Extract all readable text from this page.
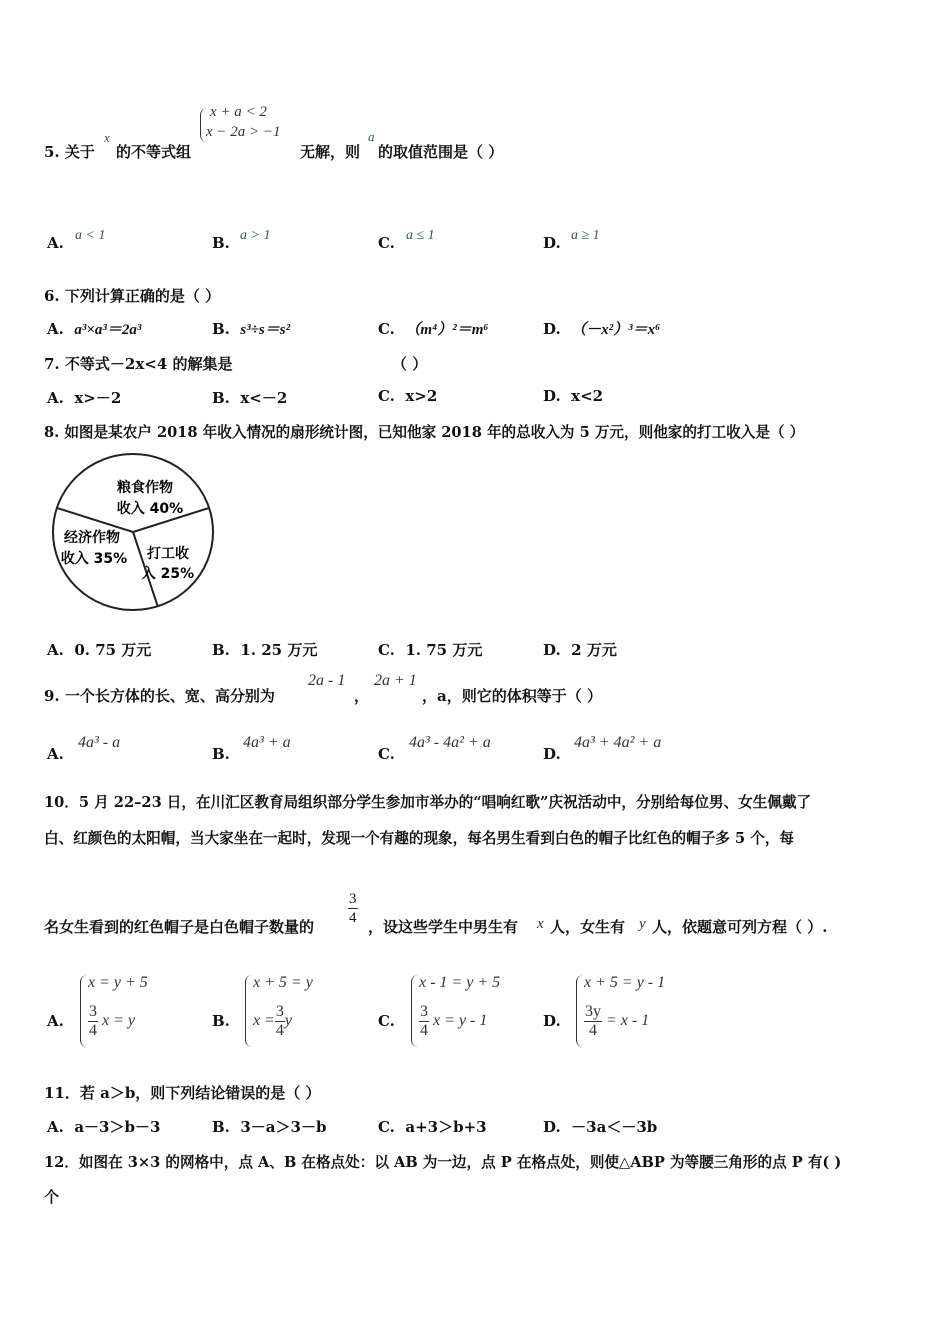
5. 关于
x
的不等式组
x + a < 2
x − 2a > −1
无解，则
a
的取值范围是（ ）
A. a < 1	B. a > 1	C. a ≤ 1	D. a ≥ 1
6. 下列计算正确的是（ ）
A. a³×a³＝2a³	B. s³÷s＝s²	C. （m⁴）²＝m⁶	D. （－x²）³＝x⁶
7. 不等式－2x<4 的解集是	（ ）
A. x>－2	B. x<－2	C. x>2	D. x<2
8. 如图是某农户 2018 年收入情况的扇形统计图，已知他家 2018 年的总收入为 5 万元，则他家的打工收入是（ ）
粮食作物
收入 40%
打工收
入 25%
经济作物
收入 35%
A. 0. 75 万元	B. 1. 25 万元	C. 1. 75 万元	D. 2 万元
9. 一个长方体的长、宽、高分别为
2a - 1
，
2a + 1
，a，则它的体积等于（ ）
A.
4a³ - a
B.
4a³ + a
C.
4a³ - 4a² + a
D.
4a³ + 4a² + a
10．5 月 22–23 日，在川汇区教育局组织部分学生参加市举办的“唱响红歌”庆祝活动中，分别给每位男、女生佩戴了
白、红颜色的太阳帽，当大家坐在一起时，发现一个有趣的现象，每名男生看到白色的帽子比红色的帽子多 5 个，每
名女生看到的红色帽子是白色帽子数量的 $\frac{3}{4}$ ，设这些学生中男生有 x 人，女生有 y 人，依题意可列方程（ ）.
A.
x = y + 5
$\frac{3}{4}$ x = y	B.
x + 5 = y
$x = \frac{3}{4}$ y	C.
x - 1 = y + 5
$\frac{3}{4}$ x = y - 1	D.
x + 5 = y - 1
$\frac{3y}{4} = x - 1$
11．若 a＞b，则下列结论错误的是（ ）
A. a－3＞b－3	B. 3－a＞3－b	C. a+3＞b+3	D. －3a＜－3b
12．如图在 3×3 的网格中，点 A、B 在格点处：以 AB 为一边，点 P 在格点处，则使△ABP 为等腰三角形的点 P 有( )
个
